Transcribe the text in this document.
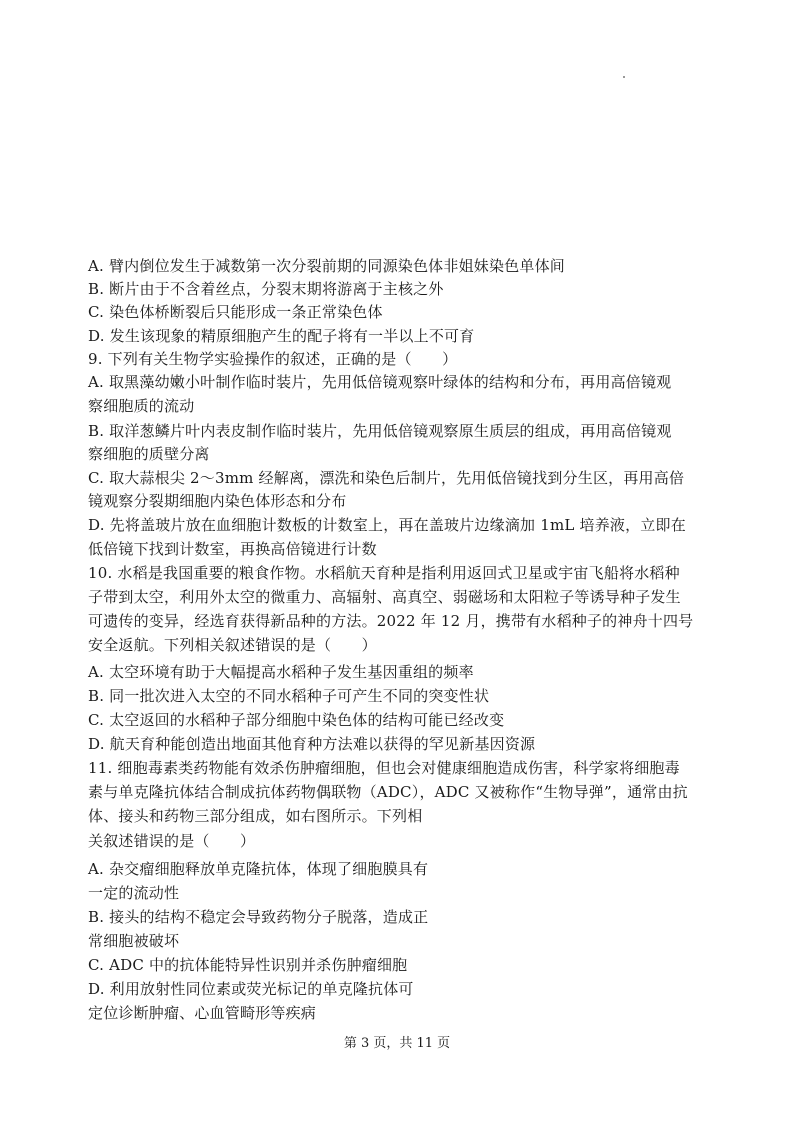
A. 臂内倒位发生于减数第一次分裂前期的同源染色体非姐妹染色单体间
B. 断片由于不含着丝点，分裂末期将游离于主核之外
C. 染色体桥断裂后只能形成一条正常染色体
D. 发生该现象的精原细胞产生的配子将有一半以上不可育
9. 下列有关生物学实验操作的叙述，正确的是（　　）
A. 取黑藻幼嫩小叶制作临时装片，先用低倍镜观察叶绿体的结构和分布，再用高倍镜观
察细胞质的流动
B. 取洋葱鳞片叶内表皮制作临时装片，先用低倍镜观察原生质层的组成，再用高倍镜观
察细胞的质壁分离
C. 取大蒜根尖 2～3mm 经解离，漂洗和染色后制片，先用低倍镜找到分生区，再用高倍
镜观察分裂期细胞内染色体形态和分布
D. 先将盖玻片放在血细胞计数板的计数室上，再在盖玻片边缘滴加 1mL 培养液，立即在
低倍镜下找到计数室，再换高倍镜进行计数
10. 水稻是我国重要的粮食作物。水稻航天育种是指利用返回式卫星或宇宙飞船将水稻种
子带到太空，利用外太空的微重力、高辐射、高真空、弱磁场和太阳粒子等诱导种子发生
可遗传的变异，经选育获得新品种的方法。2022 年 12 月，携带有水稻种子的神舟十四号
安全返航。下列相关叙述错误的是（　　）
A. 太空环境有助于大幅提高水稻种子发生基因重组的频率
B. 同一批次进入太空的不同水稻种子可产生不同的突变性状
C. 太空返回的水稻种子部分细胞中染色体的结构可能已经改变
D. 航天育种能创造出地面其他育种方法难以获得的罕见新基因资源
11. 细胞毒素类药物能有效杀伤肿瘤细胞，但也会对健康细胞造成伤害，科学家将细胞毒
素与单克隆抗体结合制成抗体药物偶联物（ADC），ADC 又被称作“生物导弹”，通常由抗
体、接头和药物三部分组成，如右图所示。下列相
关叙述错误的是（　　）
A. 杂交瘤细胞释放单克隆抗体，体现了细胞膜具有
一定的流动性
B. 接头的结构不稳定会导致药物分子脱落，造成正
常细胞被破坏
C. ADC 中的抗体能特异性识别并杀伤肿瘤细胞
D. 利用放射性同位素或荧光标记的单克隆抗体可
定位诊断肿瘤、心血管畸形等疾病
第 3 页，共 11 页
